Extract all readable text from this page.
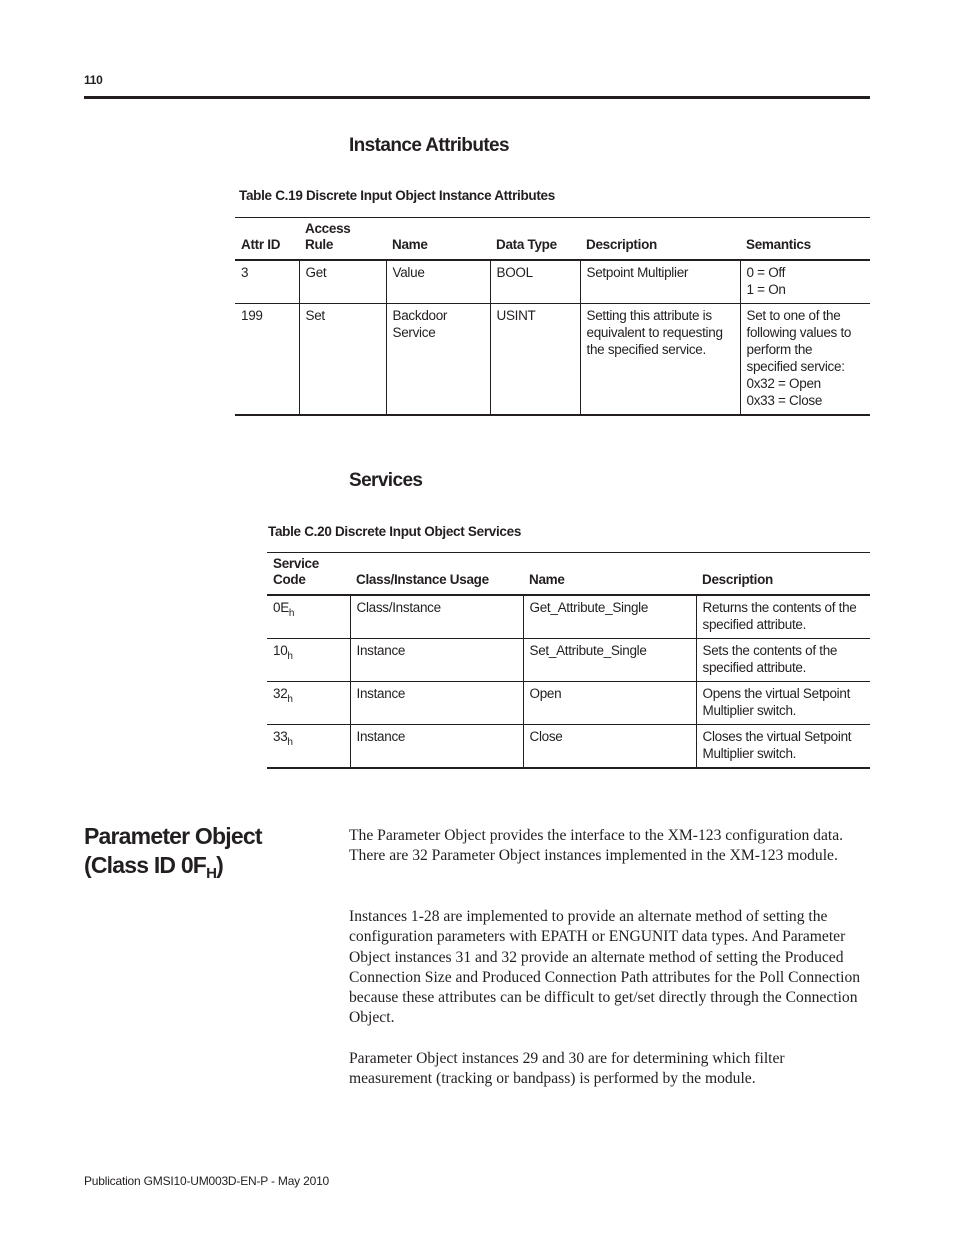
110
Instance Attributes
Table C.19 Discrete Input Object Instance Attributes
Attr ID	Access Rule	Name	Data Type	Description	Semantics
3	Get	Value	BOOL	Setpoint Multiplier	0 = Off
1 = On
199	Set	Backdoor Service	USINT	Setting this attribute is equivalent to requesting the specified service.	Set to one of the following values to perform the specified service:
0x32 = Open
0x33 = Close
Services
Table C.20 Discrete Input Object Services
Service Code	Class/Instance Usage	Name	Description
$0E_h$	Class/Instance	Get_Attribute_Single	Returns the contents of the specified attribute.
$10_h$	Instance	Set_Attribute_Single	Sets the contents of the specified attribute.
$32_h$	Instance	Open	Opens the virtual Setpoint Multiplier switch.
$33_h$	Instance	Close	Closes the virtual Setpoint Multiplier switch.
Parameter Object
(Class ID $0F_H$)

The Parameter Object provides the interface to the XM-123 configuration data. There are 32 Parameter Object instances implemented in the XM-123 module.

Instances 1-28 are implemented to provide an alternate method of setting the configuration parameters with EPATH or ENGUNIT data types. And Parameter Object instances 31 and 32 provide an alternate method of setting the Produced Connection Size and Produced Connection Path attributes for the Poll Connection because these attributes can be difficult to get/set directly through the Connection Object.

Parameter Object instances 29 and 30 are for determining which filter measurement (tracking or bandpass) is performed by the module.

Publication GMSI10-UM003D-EN-P - May 2010
